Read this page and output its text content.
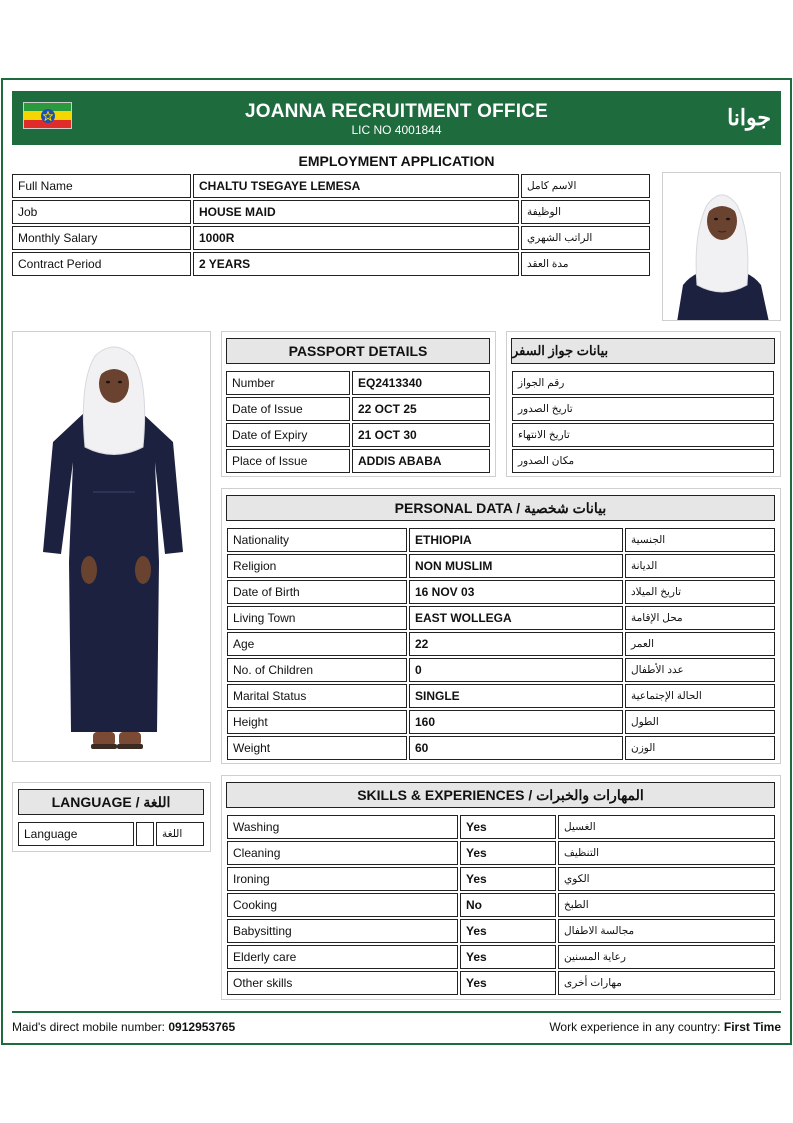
JOANNA RECRUITMENT OFFICE
LIC NO 4001844	جوانا
EMPLOYMENT APPLICATION
Full Name	CHALTU TSEGAYE LEMESA	الاسم كامل
Job	HOUSE MAID	الوظيفة
Monthly Salary	1000R	الراتب الشهري
Contract Period	2 YEARS	مدة العقد
PASSPORT DETAILS
Number	EQ2413340
Date of Issue	22 OCT 25
Date of Expiry	21 OCT 30
Place of Issue	ADDIS ABABA
بيانات جواز السفر
رقم الجواز
تاريخ الصدور
تاريخ الانتهاء
مكان الصدور
PERSONAL DATA / بيانات شخصية
Nationality	ETHIOPIA	الجنسية
Religion	NON MUSLIM	الديانة
Date of Birth	16 NOV 03	تاريخ الميلاد
Living Town	EAST WOLLEGA	محل الإقامة
Age	22	العمر
No. of Children	0	عدد الأطفال
Marital Status	SINGLE	الحالة الإجتماعية
Height	160	الطول
Weight	60	الوزن
LANGUAGE / اللغة
Language	اللغة
SKILLS & EXPERIENCES / المهارات والخبرات
Washing	Yes	الغسيل
Cleaning	Yes	التنظيف
Ironing	Yes	الكوي
Cooking	No	الطبخ
Babysitting	Yes	مجالسة الاطفال
Elderly care	Yes	رعاية المسنين
Other skills	Yes	مهارات أخرى
Maid's direct mobile number: 0912953765	Work experience in any country: First Time
